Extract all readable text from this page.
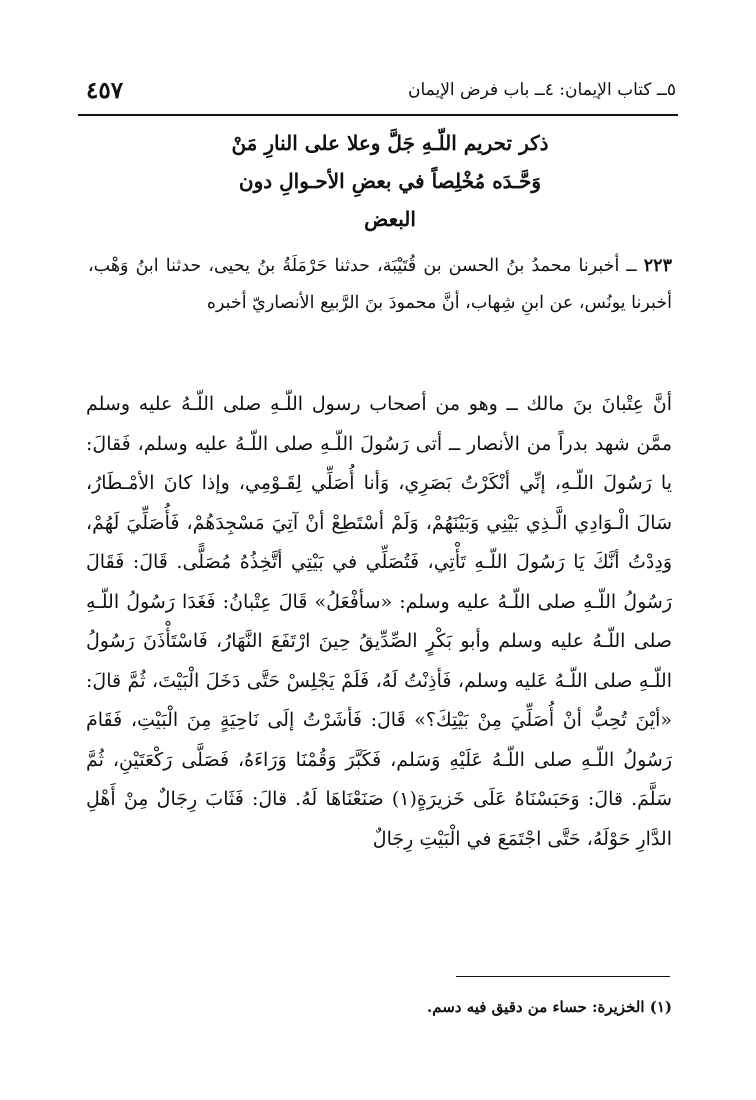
٤٥٧	٥ــ كتاب الإيمان: ٤ــ باب فرض الإيمان
ذكر تحريم اللّـهِ جَلَّ وعلا على النارِ مَنْ
وَحَّـدَه مُخْلِصاً في بعضِ الأحـوالِ دون
البعض
٢٢٣ ــ أخبرنا محمدُ بنُ الحسن بن قُتَيْبَة، حدثنا حَرْمَلَةُ بنُ يحيى، حدثنا ابنُ وَهْب، أخبرنا يونُس، عن ابنِ شِهاب، أنَّ محمودَ بنَ الرَّبيع الأنصاريّ أخبره
أنَّ عِتْبانَ بنَ مالك ــ وهو من أصحاب رسول اللّـهِ صلى اللّـهُ عليه وسلم ممَّن شهد بدراً من الأنصار ــ أتى رَسُولَ اللّـهِ صلى اللّـهُ عليه وسلم، فَقالَ: يا رَسُولَ اللّـهِ، إنِّي أنْكَرْتُ بَصَرِي، وَأنا أُصَلِّي لِقَـوْمِي، وإذا كانَ الأمْـطَارُ، سَالَ الْـوَادِي الَّـذِي بَيْنِي وَبَيْنَهُمْ، وَلَمْ أسْتَطِعْ أنْ آتِيَ مَسْجِدَهُمْ، فَأُصَلِّيَ لَهُمْ، وَدِدْتُ أنَّكَ يَا رَسُولَ اللّـهِ تَأْتِي، فَتُصَلِّي في بَيْتِي أتَّخِذُهُ مُصَلًّى. قَالَ: فَقَالَ رَسُولُ اللّـهِ صلى اللّـهُ عليه وسلم: «سأفْعَلُ» قَالَ عِتْبانُ: فَغَدَا رَسُولُ اللّـهِ صلى اللّـهُ عليه وسلم وأبو بَكْرٍ الصِّدِّيقُ حِينَ ارْتَفَعَ النَّهَارُ، فَاسْتَأْذَنَ رَسُولُ اللّـهِ صلى اللّـهُ عَليه وسلم، فَأذِنْتُ لَهُ، فَلَمْ يَجْلِسْ حَتَّى دَخَلَ الْبَيْتَ، ثُمَّ قالَ: «أيْنَ تُحِبُّ أنْ أُصَلِّيَ مِنْ بَيْتِكَ؟» قَالَ: فَأشَرْتُ إلَى نَاحِيَةٍ مِنَ الْبَيْتِ، فَقَامَ رَسُولُ اللّـهِ صلى اللّـهُ عَلَيْهِ وَسَلم، فَكَبَّرَ وَقُمْنَا وَرَاءَهُ، فَصَلَّى رَكْعَتَيْنِ، ثُمَّ سَلَّمَ. قالَ: وَحَبَسْنَاهُ عَلَى خَزيرَةٍ(١) صَنَعْنَاهَا لَهُ. قالَ: فَثَابَ رِجَالٌ مِنْ أَهْلِ الدَّارِ حَوْلَهُ، حَتَّى اجْتَمَعَ في الْبَيْتِ رِجَالٌ
(١) الخزيرة: حساء من دقيق فيه دسم.
